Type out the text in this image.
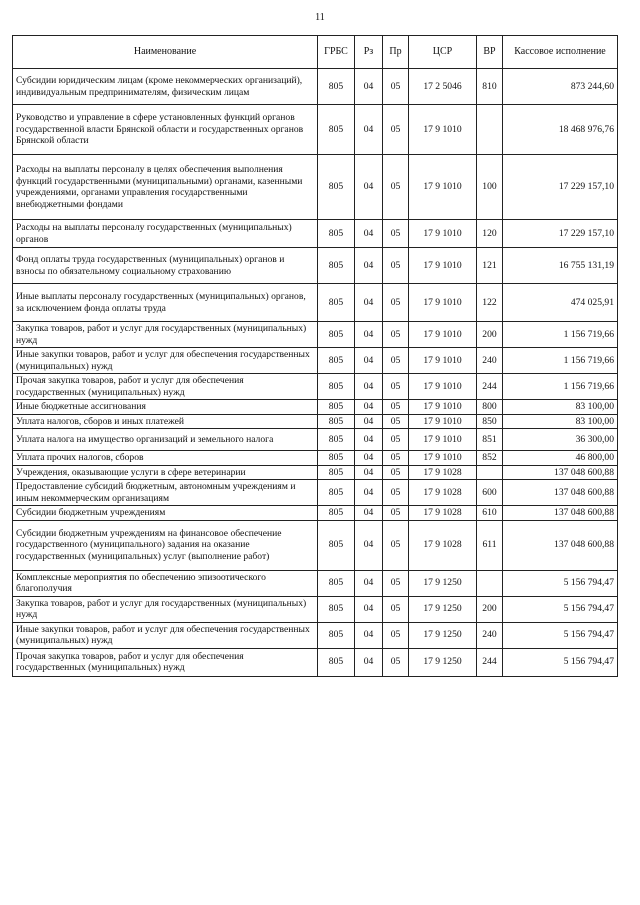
11
Наименование	ГРБС	Рз	Пр	ЦСР	ВР	Кассовое исполнение
Субсидии юридическим лицам (кроме некоммерческих организаций), индивидуальным предпринимателям, физическим лицам	805	04	05	17 2 5046	810	873 244,60
Руководство и управление в сфере установленных функций органов государственной власти Брянской области и государственных органов Брянской области	805	04	05	17 9 1010		18 468 976,76
Расходы на выплаты персоналу в целях обеспечения выполнения функций государственными (муниципальными) органами, казенными учреждениями, органами управления государственными внебюджетными фондами	805	04	05	17 9 1010	100	17 229 157,10
Расходы на выплаты персоналу государственных (муниципальных) органов	805	04	05	17 9 1010	120	17 229 157,10
Фонд оплаты труда государственных (муниципальных) органов и взносы по обязательному социальному страхованию	805	04	05	17 9 1010	121	16 755 131,19
Иные выплаты персоналу государственных (муниципальных) органов, за исключением фонда оплаты труда	805	04	05	17 9 1010	122	474 025,91
Закупка товаров, работ и услуг для государственных (муниципальных) нужд	805	04	05	17 9 1010	200	1 156 719,66
Иные закупки товаров, работ и услуг для обеспечения государственных (муниципальных) нужд	805	04	05	17 9 1010	240	1 156 719,66
Прочая закупка товаров, работ и услуг для обеспечения государственных (муниципальных) нужд	805	04	05	17 9 1010	244	1 156 719,66
Иные бюджетные ассигнования	805	04	05	17 9 1010	800	83 100,00
Уплата налогов, сборов и иных платежей	805	04	05	17 9 1010	850	83 100,00
Уплата налога на имущество организаций и земельного налога	805	04	05	17 9 1010	851	36 300,00
Уплата прочих налогов, сборов	805	04	05	17 9 1010	852	46 800,00
Учреждения, оказывающие услуги в сфере ветеринарии	805	04	05	17 9 1028		137 048 600,88
Предоставление субсидий бюджетным, автономным учреждениям и иным некоммерческим организациям	805	04	05	17 9 1028	600	137 048 600,88
Субсидии бюджетным учреждениям	805	04	05	17 9 1028	610	137 048 600,88
Субсидии бюджетным учреждениям на финансовое обеспечение государственного (муниципального) задания на оказание государственных (муниципальных) услуг (выполнение работ)	805	04	05	17 9 1028	611	137 048 600,88
Комплексные мероприятия по обеспечению эпизоотического благополучия	805	04	05	17 9 1250		5 156 794,47
Закупка товаров, работ и услуг для государственных (муниципальных) нужд	805	04	05	17 9 1250	200	5 156 794,47
Иные закупки товаров, работ и услуг для обеспечения государственных (муниципальных) нужд	805	04	05	17 9 1250	240	5 156 794,47
Прочая закупка товаров, работ и услуг для обеспечения государственных (муниципальных) нужд	805	04	05	17 9 1250	244	5 156 794,47
